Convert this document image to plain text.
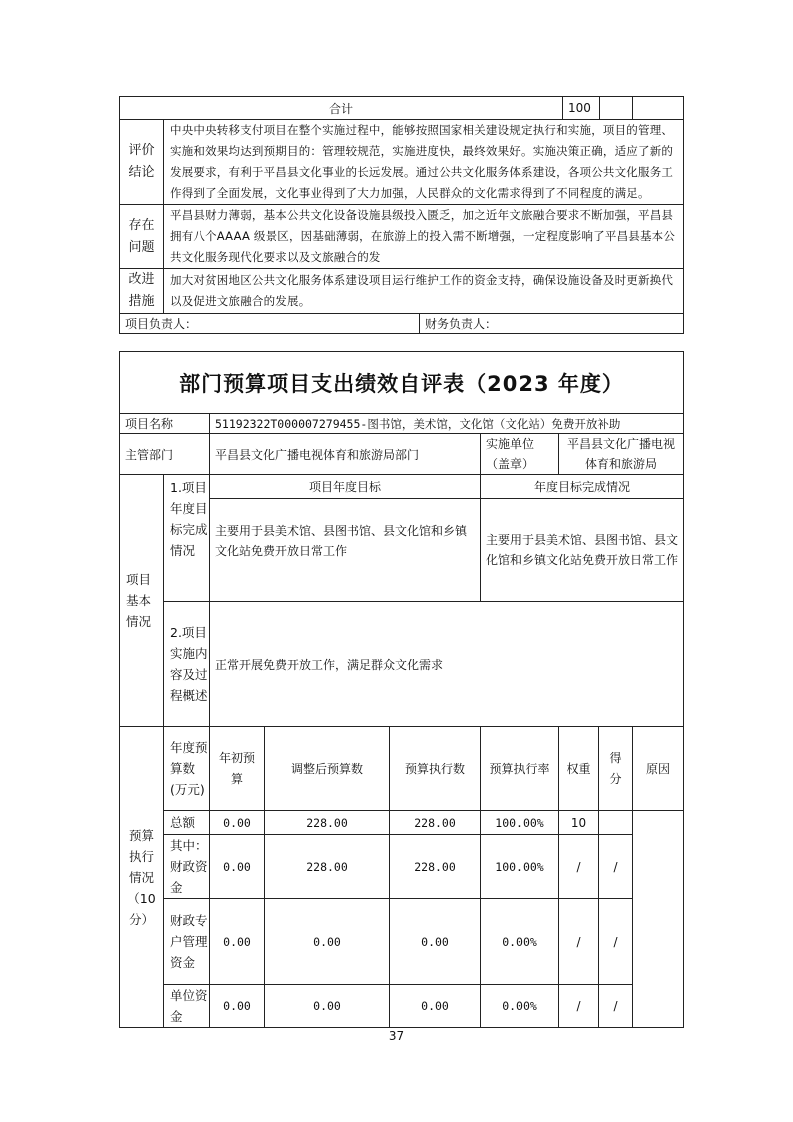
合计			100		
评价结论	中央中央转移支付项目在整个实施过程中，能够按照国家相关建设规定执行和实施，项目的管理、实施和效果均达到预期目的：管理较规范，实施进度快，最终效果好。实施决策正确，适应了新的发展要求，有利于平昌县文化事业的长远发展。通过公共文化服务体系建设，各项公共文化服务工作得到了全面发展，文化事业得到了大力加强，人民群众的文化需求得到了不同程度的满足。				
存在问题	平昌县财力薄弱，基本公共文化设备设施县级投入匮乏，加之近年文旅融合要求不断加强，平昌县拥有八个AAAA 级景区，因基础薄弱，在旅游上的投入需不断增强，一定程度影响了平昌县基本公共文化服务现代化要求以及文旅融合的发				
改进措施	加大对贫困地区公共文化服务体系建设项目运行维护工作的资金支持，确保设施设备及时更新换代以及促进文旅融合的发展。				
项目负责人：		财务负责人：			
部门预算项目支出绩效自评表（2023 年度）								
项目名称		51192322T000007279455-图书馆，美术馆，文化馆（文化站）免费开放补助						
主管部门		平昌县文化广播电视体育和旅游局部门			实施单位（盖章）	平昌县文化广播电视体育和旅游局		
项目基本情况	1.项目年度目标完成情况	项目年度目标			年度目标完成情况			
		主要用于县美术馆、县图书馆、县文化馆和乡镇文化站免费开放日常工作			主要用于县美术馆、县图书馆、县文化馆和乡镇文化站免费开放日常工作			
	2.项目实施内容及过程概述	正常开展免费开放工作，满足群众文化需求						

预算执行情况（10分）	年度预算数(万元)	年初预算	调整后预算数	预算执行数	预算执行率	权重	得分	原因
	总额	0.00	228.00	228.00	100.00%	10		
	其中：财政资金	0.00	228.00	228.00	100.00%	/	/	
	财政专户管理资金	0.00	0.00	0.00	0.00%	/	/	
	单位资金	0.00	0.00	0.00	0.00%	/	/	
37
